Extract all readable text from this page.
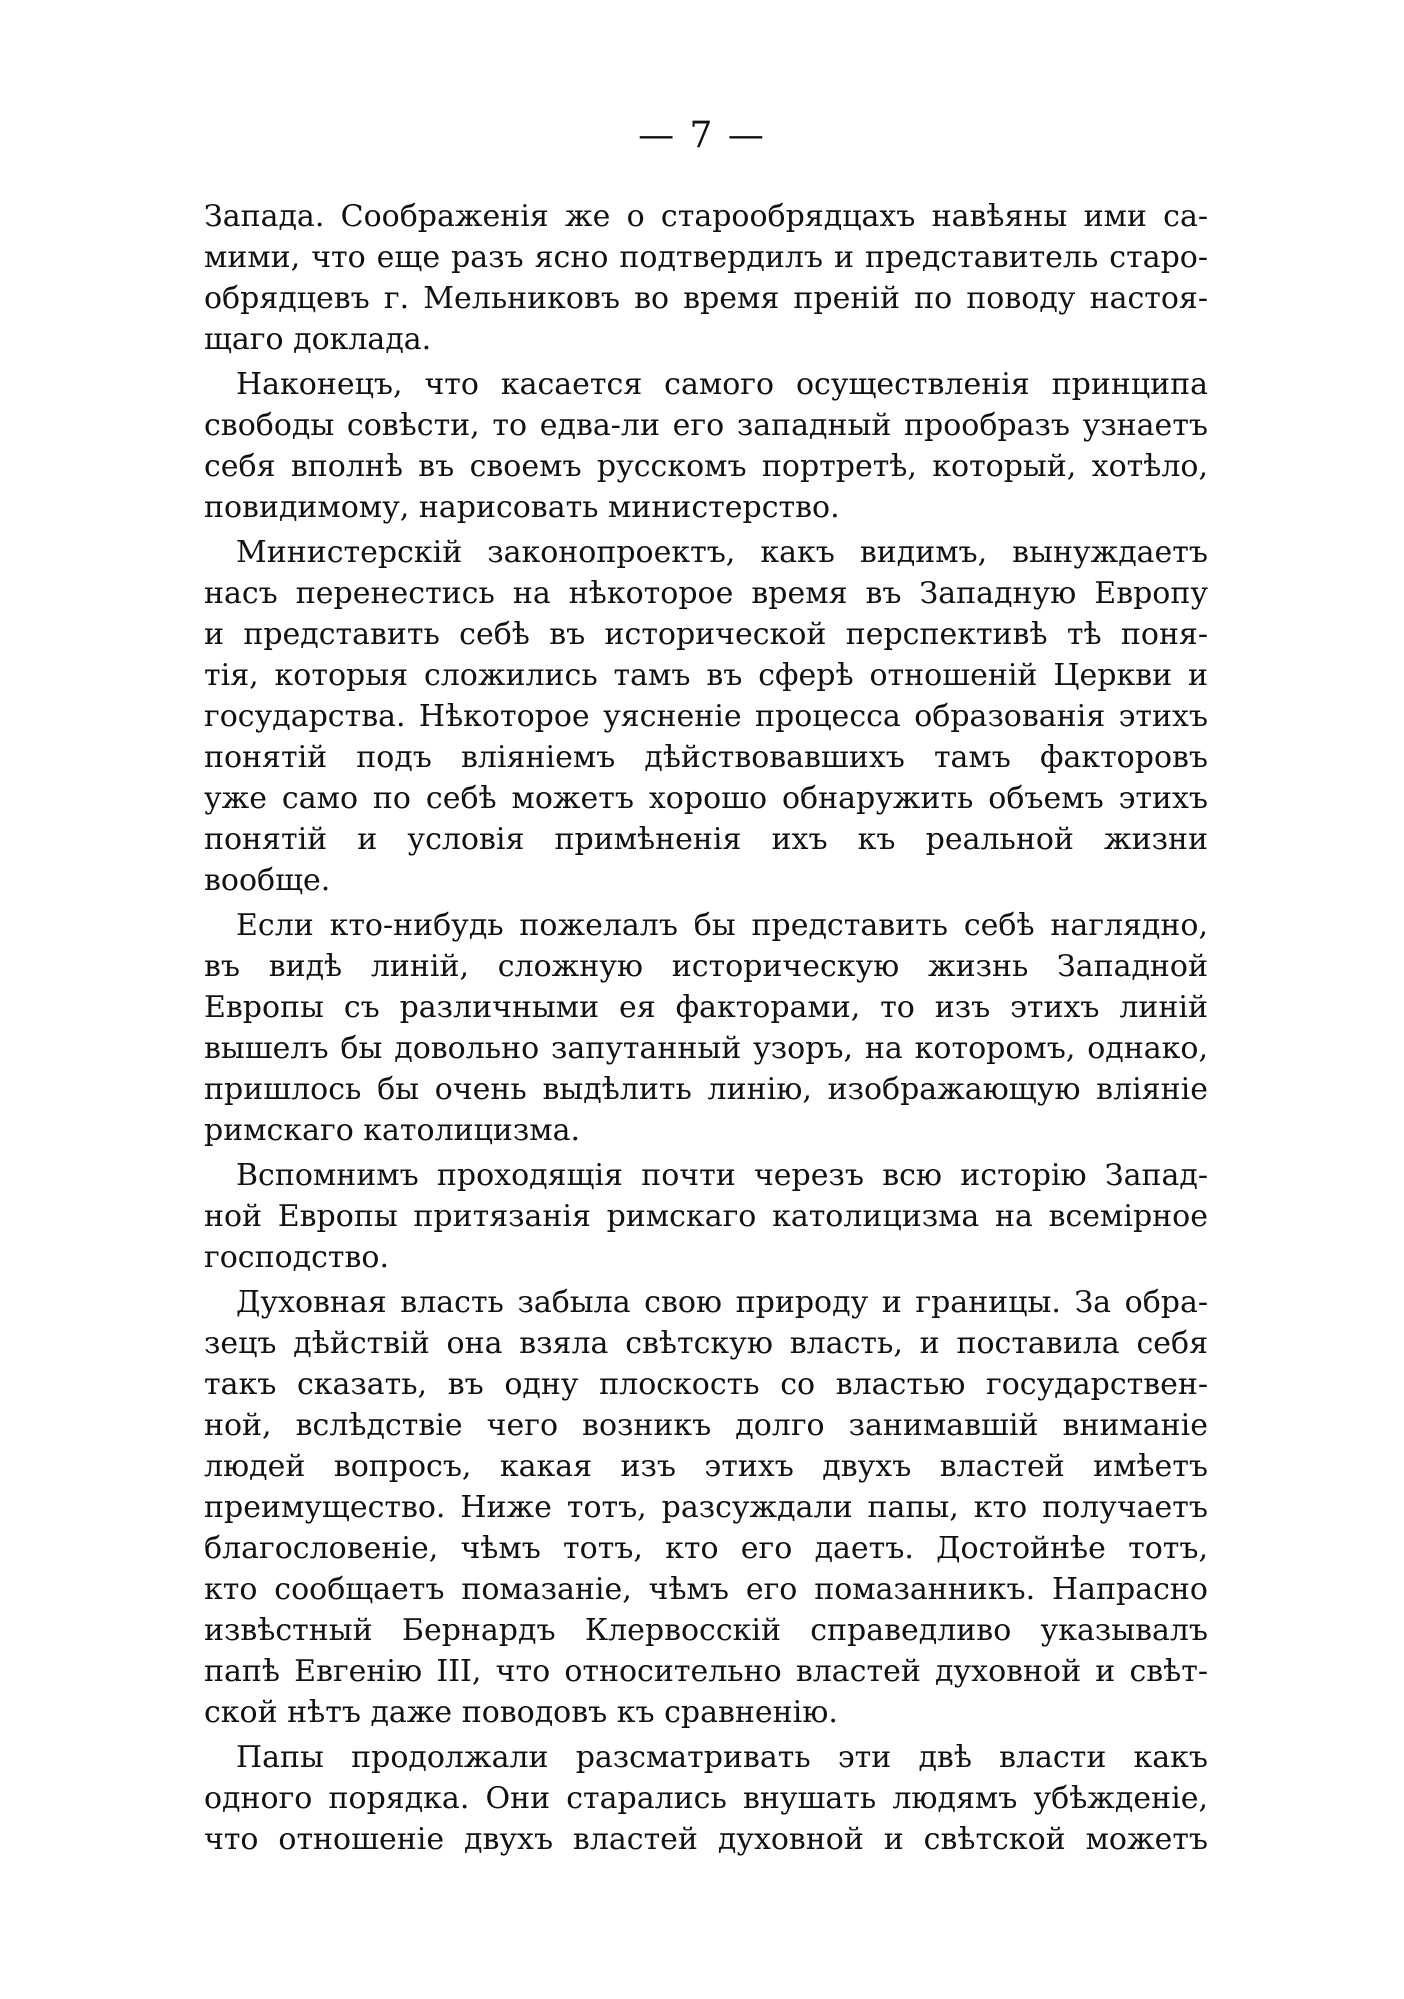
— 7 —
Запада. Соображенія же о старообрядцахъ навѣяны ими са-
мими, что еще разъ ясно подтвердилъ и представитель старо-
обрядцевъ г. Мельниковъ во время преній по поводу настоя-
щаго доклада.
Наконецъ, что касается самого осуществленія принципа
свободы совѣсти, то едва-ли его западный прообразъ узнаетъ
себя вполнѣ въ своемъ русскомъ портретѣ, который, хотѣло,
повидимому, нарисовать министерство.
Министерскій законопроектъ, какъ видимъ, вынуждаетъ
насъ перенестись на нѣкоторое время въ Западную Европу
и представить себѣ въ исторической перспективѣ тѣ поня-
тія, которыя сложились тамъ въ сферѣ отношеній Церкви и
государства. Нѣкоторое уясненіе процесса образованія этихъ
понятій подъ вліяніемъ дѣйствовавшихъ тамъ факторовъ
уже само по себѣ можетъ хорошо обнаружить объемъ этихъ
понятій и условія примѣненія ихъ къ реальной жизни
вообще.
Если кто-нибудь пожелалъ бы представить себѣ наглядно,
въ видѣ линій, сложную историческую жизнь Западной
Европы съ различными ея факторами, то изъ этихъ линій
вышелъ бы довольно запутанный узоръ, на которомъ, однако,
пришлось бы очень выдѣлить линію, изображающую вліяніе
римскаго католицизма.
Вспомнимъ проходящія почти черезъ всю исторію Запад-
ной Европы притязанія римскаго католицизма на всемірное
господство.
Духовная власть забыла свою природу и границы. За обра-
зецъ дѣйствій она взяла свѣтскую власть, и поставила себя
такъ сказать, въ одну плоскость со властью государствен-
ной, вслѣдствіе чего возникъ долго занимавшій вниманіе
людей вопросъ, какая изъ этихъ двухъ властей имѣетъ
преимущество. Ниже тотъ, разсуждали папы, кто получаетъ
благословеніе, чѣмъ тотъ, кто его даетъ. Достойнѣе тотъ,
кто сообщаетъ помазаніе, чѣмъ его помазанникъ. Напрасно
извѣстный Бернардъ Клервосскій справедливо указывалъ
папѣ Евгенію III, что относительно властей духовной и свѣт-
ской нѣтъ даже поводовъ къ сравненію.
Папы продолжали разсматривать эти двѣ власти какъ
одного порядка. Они старались внушать людямъ убѣжденіе,
что отношеніе двухъ властей духовной и свѣтской можетъ
